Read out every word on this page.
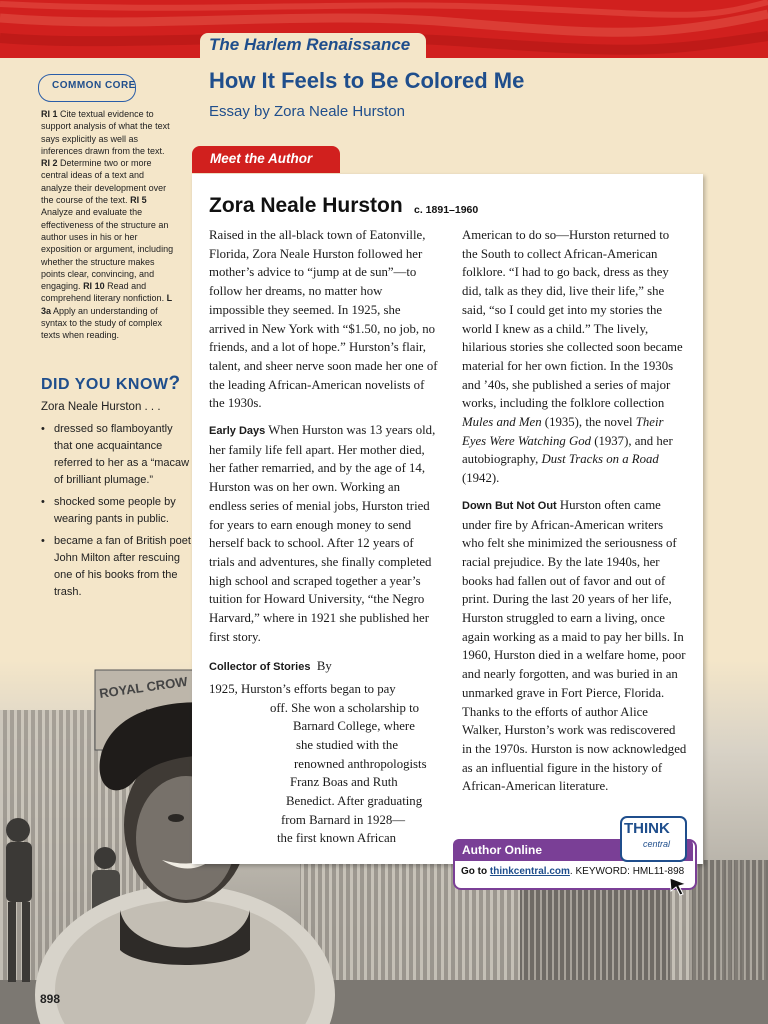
The Harlem Renaissance
How It Feels to Be Colored Me
Essay by Zora Neale Hurston
COMMON CORE
RI 1 Cite textual evidence to support analysis of what the text says explicitly as well as inferences drawn from the text. RI 2 Determine two or more central ideas of a text and analyze their development over the course of the text. RI 5 Analyze and evaluate the effectiveness of the structure an author uses in his or her exposition or argument, including whether the structure makes points clear, convincing, and engaging. RI 10 Read and comprehend literary nonfiction. L 3a Apply an understanding of syntax to the study of complex texts when reading.
DID YOU KNOW?
Zora Neale Hurston . . .
• dressed so flamboyantly that one acquaintance referred to her as a “macaw of brilliant plumage.”
• shocked some people by wearing pants in public.
• became a fan of British poet John Milton after rescuing one of his books from the trash.
ROYAL CROW
Meet the Author
Zora Neale Hurston c. 1891–1960

Raised in the all-black town of Eatonville, Florida, Zora Neale Hurston followed her mother’s advice to “jump at de sun”—to follow her dreams, no matter how impossible they seemed. In 1925, she arrived in New York with “$1.50, no job, no friends, and a lot of hope.” Hurston’s flair, talent, and sheer nerve soon made her one of the leading African-American novelists of the 1930s.

Early Days When Hurston was 13 years old, her family life fell apart. Her mother died, her father remarried, and by the age of 14, Hurston was on her own. Working an endless series of menial jobs, Hurston tried for years to earn enough money to send herself back to school. After 12 years of trials and adventures, she finally completed high school and scraped together a year’s tuition for Howard University, “the Negro Harvard,” where in 1921 she published her first story.

Collector of Stories By
1925, Hurston’s efforts began to pay
off. She won a scholarship to
Barnard College, where
she studied with the
renowned anthropologists
Franz Boas and Ruth
Benedict. After graduating
from Barnard in 1928—
the first known African

American to do so—Hurston returned to the South to collect African-American folklore. “I had to go back, dress as they did, talk as they did, live their life,” she said, “so I could get into my stories the world I knew as a child.” The lively, hilarious stories she collected soon became material for her own fiction. In the 1930s and ’40s, she published a series of major works, including the folklore collection Mules and Men (1935), the novel Their Eyes Were Watching God (1937), and her autobiography, Dust Tracks on a Road (1942).

Down But Not Out Hurston often came under fire by African-American writers who felt she minimized the seriousness of racial prejudice. By the late 1940s, her books had fallen out of favor and out of print. During the last 20 years of her life, Hurston struggled to earn a living, once again working as a maid to pay her bills. In 1960, Hurston died in a welfare home, poor and nearly forgotten, and was buried in an unmarked grave in Fort Pierce, Florida. Thanks to the efforts of author Alice Walker, Hurston’s work was rediscovered in the 1970s. Hurston is now acknowledged as an influential figure in the history of African-American literature.

Author Online
Go to thinkcentral.com. KEYWORD: HML11-898
THINK
central
898
